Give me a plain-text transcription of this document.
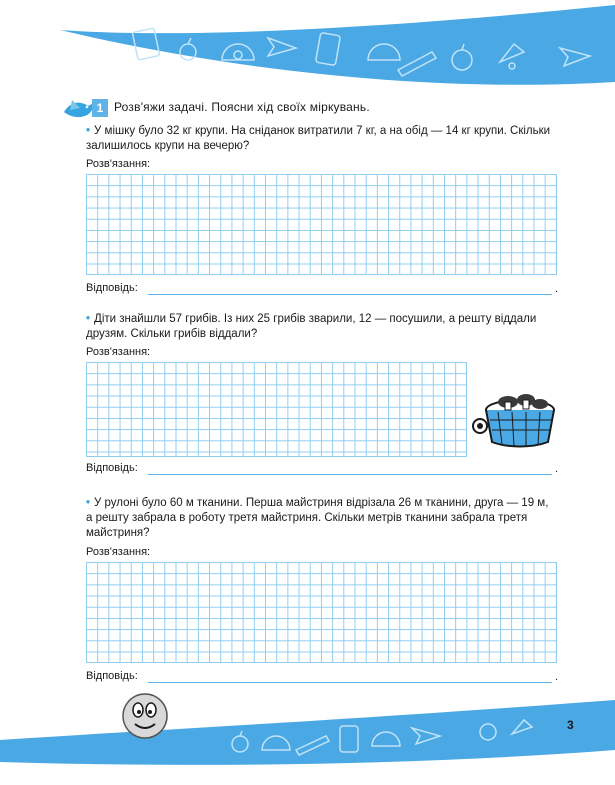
1 Розв'яжи задачі. Поясни хід своїх міркувань.
• У мішку було 32 кг крупи. На сніданок витратили 7 кг, а на обід — 14 кг крупи. Скільки залишилось крупи на вечерю?
Розв'язання:
Відповідь:	.
• Діти знайшли 57 грибів. Із них 25 грибів зварили, 12 — посушили, а решту віддали друзям. Скільки грибів віддали?
Розв'язання:
Відповідь:	.
• У рулоні було 60 м тканини. Перша майстриня відрізала 26 м тканини, друга — 19 м, а решту забрала в роботу третя майстриня. Скільки метрів тканини забрала третя майстриня?
Розв'язання:
Відповідь:	.
3
